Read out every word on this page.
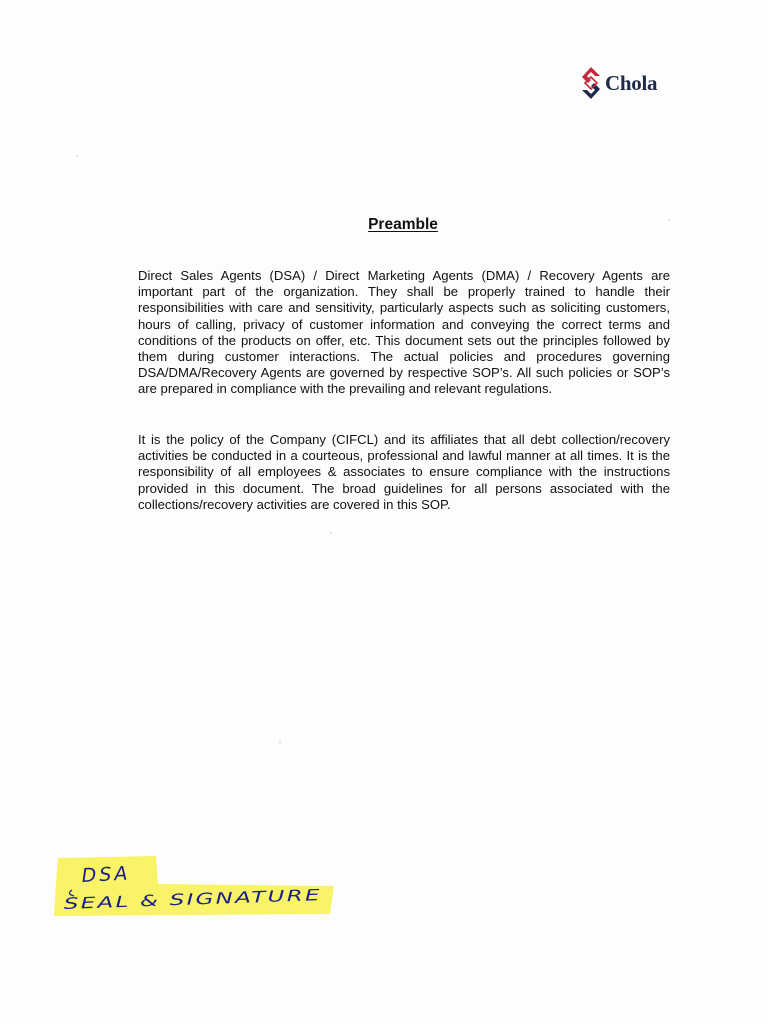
Chola
Preamble

Direct Sales Agents (DSA) / Direct Marketing Agents (DMA) / Recovery Agents are important part of the organization. They shall be properly trained to handle their responsibilities with care and sensitivity, particularly aspects such as soliciting customers, hours of calling, privacy of customer information and conveying the correct terms and conditions of the products on offer, etc. This document sets out the principles followed by them during customer interactions. The actual policies and procedures governing DSA/DMA/Recovery Agents are governed by respective SOP’s. All such policies or SOP’s are prepared in compliance with the prevailing and relevant regulations.

It is the policy of the Company (CIFCL) and its affiliates that all debt collection/recovery activities be conducted in a courteous, professional and lawful manner at all times. It is the responsibility of all employees & associates to ensure compliance with the instructions provided in this document. The broad guidelines for all persons associated with the collections/recovery activities are covered in this SOP.

DSA
SEAL & SIGNATURE
